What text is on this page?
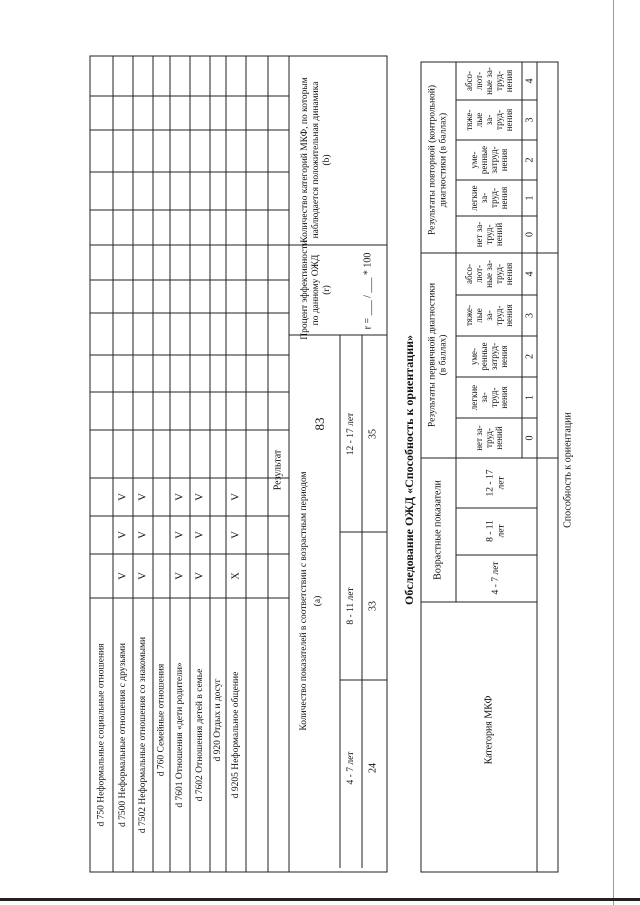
83
d 750 Неформальные социальные отношения d 7500 Неформальные отношения с друзьями
V
V
V
d 7502 Неформальные отношения со знакомыми
V
V
V
d 760 Семейные отношения d 7601 Отношения «дети родители»
V
V
V
d 7602 Отношения детей в семье
V
V
V
d 920 Отдых и досуг d 9205 Неформальное общение
X
V
V
Результат
Количество показателей в соответствии с возрастным периодом (а)
4 - 7 лет
8 - 11 лет
12 - 17 лет
24
33
35
Процент эффективности по данному ОЖД (r)	r = ___ / ___ * 100
Количество категорий МКФ, по которым наблюдается положительная динамика (b)
Обследование ОЖД «Способность к ориентации»
Категория МКФ
Возрастные показатели	4 - 7 лет
8 - 11 лет
12 - 17 лет
Результаты первичной диагностики (в баллах)
Результаты повторной (контрольной) диагностики (в баллах)
нет за- труд- нений
нет за- труд- нений
0
0
легкие за- труд- нения
легкие за- труд- нения
1
1
уме- ренные затруд- нения
уме- ренные затруд- нения
2
2
тяже- лые за- труд- нения
тяже- лые за- труд- нения
3
3
абсо- лют- ные за- труд- нения
абсо- лют- ные за- труд- нения
4
4
Способность к ориентации
